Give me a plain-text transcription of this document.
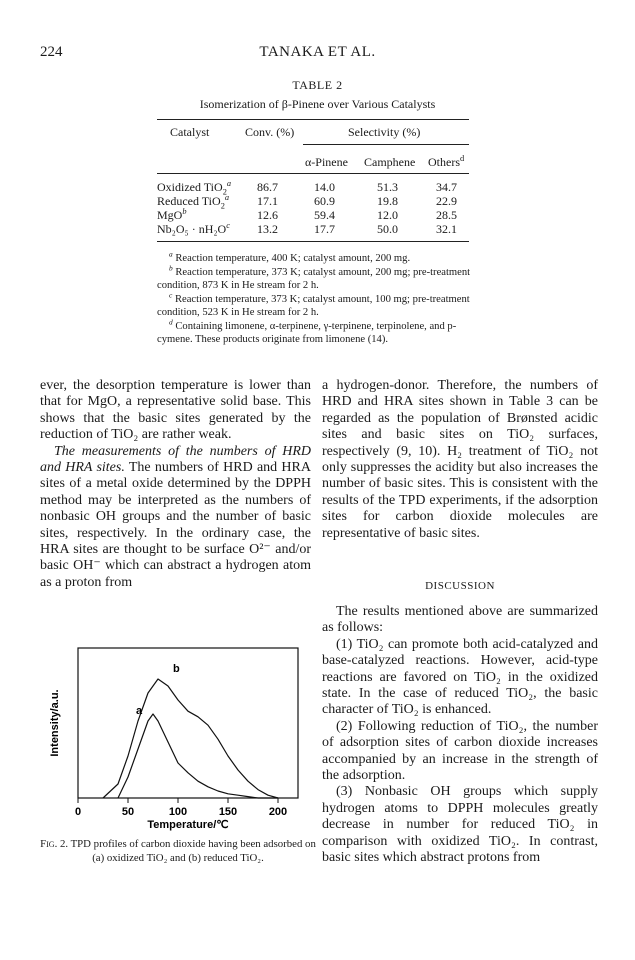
224	TANAKA ET AL.
TABLE 2
Isomerization of β-Pinene over Various Catalysts
Catalyst	Conv. (%)	Selectivity (%)
α-Pinene Camphene Others$^d$
Oxidized TiO$_2^a$ 86.7	14.0	51.3	34.7
Reduced TiO$_2^a$ 17.1	60.9	19.8	22.9
MgO$^b$	12.6	59.4	12.0	28.5
$Nb_2O_5 \cdot nH_2O^c$ 13.2	17.7	50.0	32.1

$^a$ Reaction temperature, 400 K; catalyst amount, 200 mg.

$^b$ Reaction temperature, 373 K; catalyst amount, 200 mg; pre-treatment condition, 873 K in He stream for 2 h.

$^c$ Reaction temperature, 373 K; catalyst amount, 100 mg; pre-treatment condition, 523 K in He stream for 2 h.

$^d$ Containing limonene, α-terpinene, γ-terpinene, terpinolene, and p-cymene. These products originate from limonene (14).

ever, the desorption temperature is lower than that for MgO, a representative solid base. This shows that the basic sites generated by the reduction of TiO₂ are rather weak.

The measurements of the numbers of HRD and HRA sites. The numbers of HRD and HRA sites of a metal oxide determined by the DPPH method may be interpreted as the numbers of nonbasic OH groups and the number of basic sites, respectively. In the ordinary case, the HRA sites are thought to be surface O²⁻ and/or basic OH⁻ which can abstract a hydrogen atom as a proton from

a hydrogen-donor. Therefore, the numbers of HRD and HRA sites shown in Table 3 can be regarded as the population of Brønsted acidic sites and basic sites on TiO₂ surfaces, respectively (9, 10). H₂ treatment of TiO₂ not only suppresses the acidity but also increases the number of basic sites. This is consistent with the results of the TPD experiments, if the adsorption sites for carbon dioxide molecules are representative of basic sites.

DISCUSSION

The results mentioned above are summarized as follows:

(1) TiO₂ can promote both acid-catalyzed and base-catalyzed reactions. However, acid-type reactions are favored on TiO₂ in the oxidized state. In the case of reduced TiO₂, the basic character of TiO₂ is enhanced.

(2) Following reduction of TiO₂, the number of adsorption sites of carbon dioxide increases accompanied by an increase in the strength of the adsorption.

(3) Nonbasic OH groups which supply hydrogen atoms to DPPH molecules greatly decrease in number for reduced TiO₂ in comparison with oxidized TiO₂. In contrast, basic sites which abstract protons from

0	50	100	150	200
a
b
Intensity/a.u.
Temperature/℃
Fig. 2. TPD profiles of carbon dioxide having been adsorbed on (a) oxidized TiO₂ and (b) reduced TiO₂.
